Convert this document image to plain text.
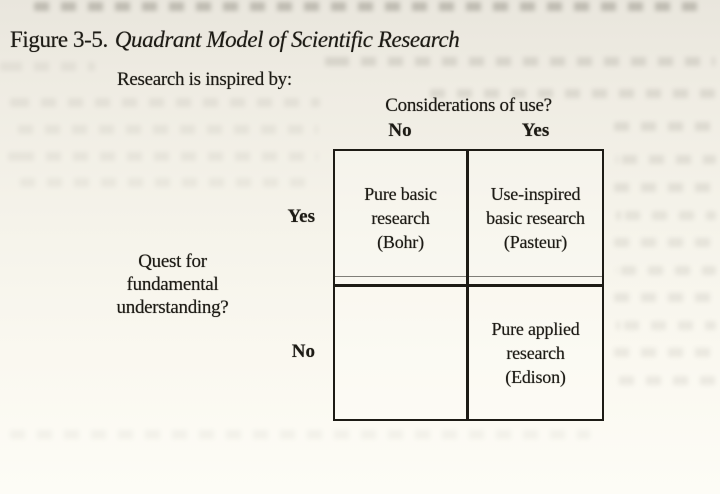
Figure 3-5. Quadrant Model of Scientific Research
Research is inspired by:
Considerations of use?
No	Yes
Quest for
fundamental
understanding?
Yes
No
Pure basic
research
(Bohr)
Use-inspired
basic research
(Pasteur)
Pure applied
research
(Edison)
